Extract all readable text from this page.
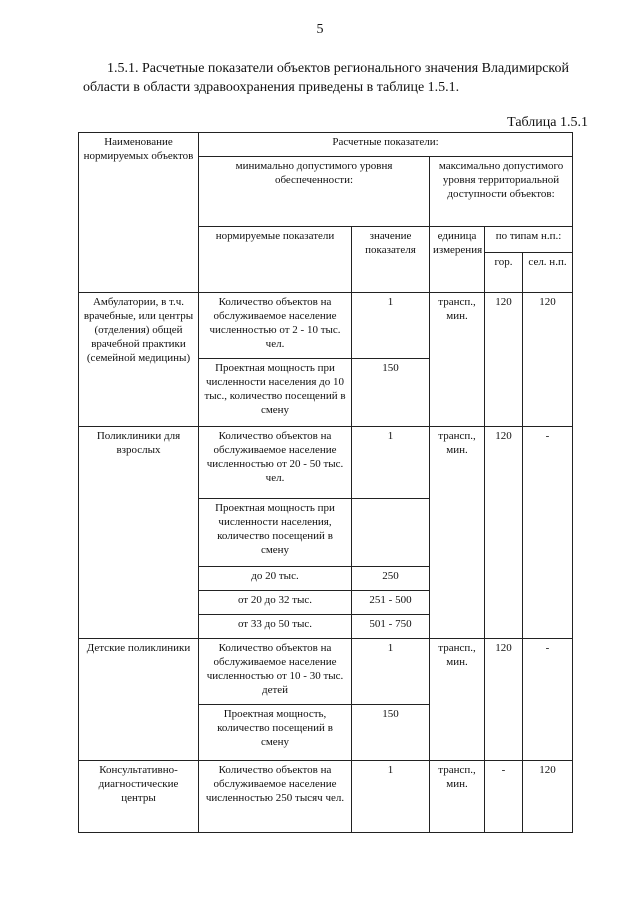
5
1.5.1. Расчетные показатели объектов регионального значения Владимирской области в области здравоохранения приведены в таблице 1.5.1.
Таблица 1.5.1
Наименование нормируемых объектов	Расчетные показатели:				
	минимально допустимого уровня обеспеченности:		максимально допустимого уровня территориальной доступности объектов:		
	нормируемые показатели	значение показателя	единица измерения	по типам н.п.:	
				гор.	сел. н.п.
Амбулатории, в т.ч. врачебные, или центры (отделения) общей врачебной практики (семейной медицины)	Количество объектов на обслуживаемое население численностью от 2 - 10 тыс. чел.	1	трансп., мин.	120	120
	Проектная мощность при численности населения до 10 тыс., количество посещений в смену	150			
Поликлиники для взрослых	Количество объектов на обслуживаемое население численностью от 20 - 50 тыс. чел.	1	трансп., мин.	120	-
	Проектная мощность при численности населения, количество посещений в смену				
	до 20 тыс.	250			
	от 20 до 32 тыс.	251 - 500			
	от 33 до 50 тыс.	501 - 750			
Детские поликлиники	Количество объектов на обслуживаемое население численностью от 10 - 30 тыс. детей	1	трансп., мин.	120	-
	Проектная мощность, количество посещений в смену	150			
Консультативно-диагностические центры	Количество объектов на обслуживаемое население численностью 250 тысяч чел.	1	трансп., мин.	-	120
